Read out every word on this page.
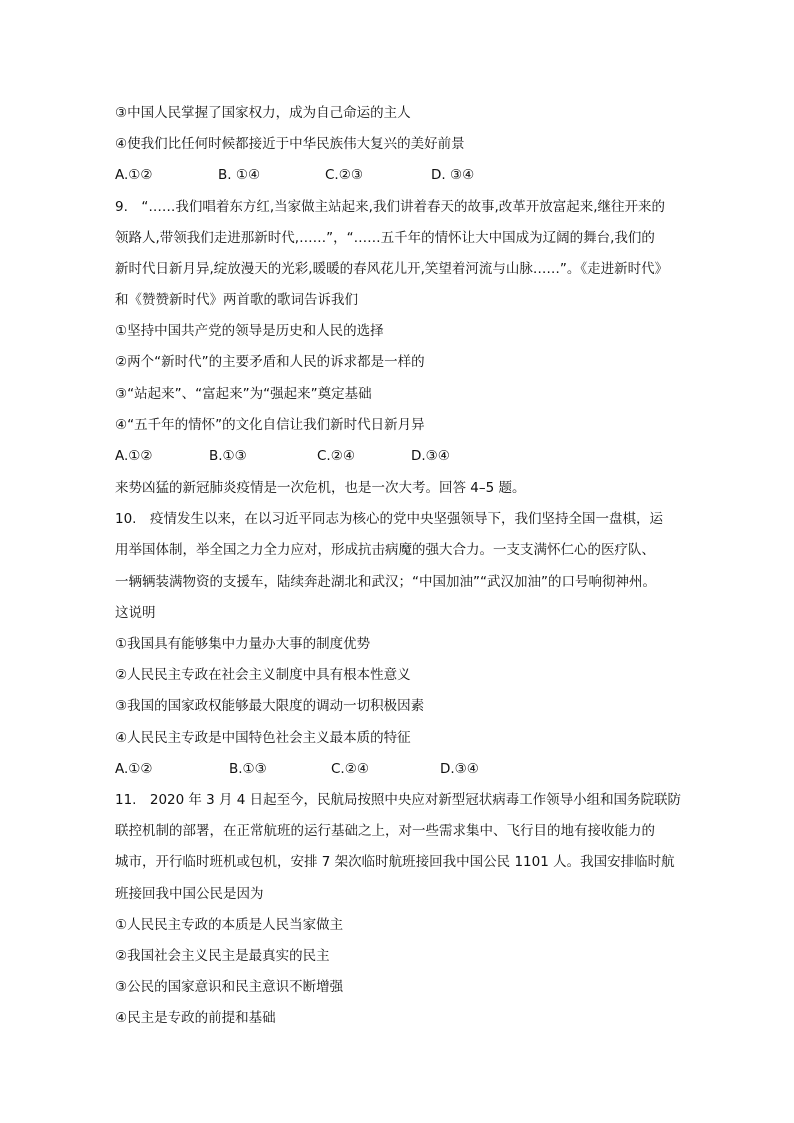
③中国人民掌握了国家权力，成为自己命运的主人
④使我们比任何时候都接近于中华民族伟大复兴的美好前景
A.①②	B. ①④	C.②③	D. ③④
9.　“……我们唱着东方红,当家做主站起来,我们讲着春天的故事,改革开放富起来,继往开来的
领路人,带领我们走进那新时代,……”，“……五千年的情怀让大中国成为辽阔的舞台,我们的
新时代日新月异,绽放漫天的光彩,暖暖的春风花儿开,笑望着河流与山脉……”。《走进新时代》
和《赞赞新时代》两首歌的歌词告诉我们
①坚持中国共产党的领导是历史和人民的选择
②两个“新时代”的主要矛盾和人民的诉求都是一样的
③“站起来”、“富起来”为“强起来”奠定基础
④“五千年的情怀”的文化自信让我们新时代日新月异
A.①②	B.①③	C.②④	D.③④
来势凶猛的新冠肺炎疫情是一次危机，也是一次大考。回答 4–5 题。
10.　疫情发生以来，在以习近平同志为核心的党中央坚强领导下，我们坚持全国一盘棋，运
用举国体制，举全国之力全力应对，形成抗击病魔的强大合力。一支支满怀仁心的医疗队、
一辆辆装满物资的支援车，陆续奔赴湖北和武汉；“中国加油”“武汉加油”的口号响彻神州。
这说明
①我国具有能够集中力量办大事的制度优势
②人民民主专政在社会主义制度中具有根本性意义
③我国的国家政权能够最大限度的调动一切积极因素
④人民民主专政是中国特色社会主义最本质的特征
A.①②	B.①③	C.②④	D.③④
11.　2020 年 3 月 4 日起至今，民航局按照中央应对新型冠状病毒工作领导小组和国务院联防
联控机制的部署，在正常航班的运行基础之上，对一些需求集中、飞行目的地有接收能力的
城市，开行临时班机或包机，安排 7 架次临时航班接回我中国公民 1101 人。我国安排临时航
班接回我中国公民是因为
①人民民主专政的本质是人民当家做主
②我国社会主义民主是最真实的民主
③公民的国家意识和民主意识不断增强
④民主是专政的前提和基础
